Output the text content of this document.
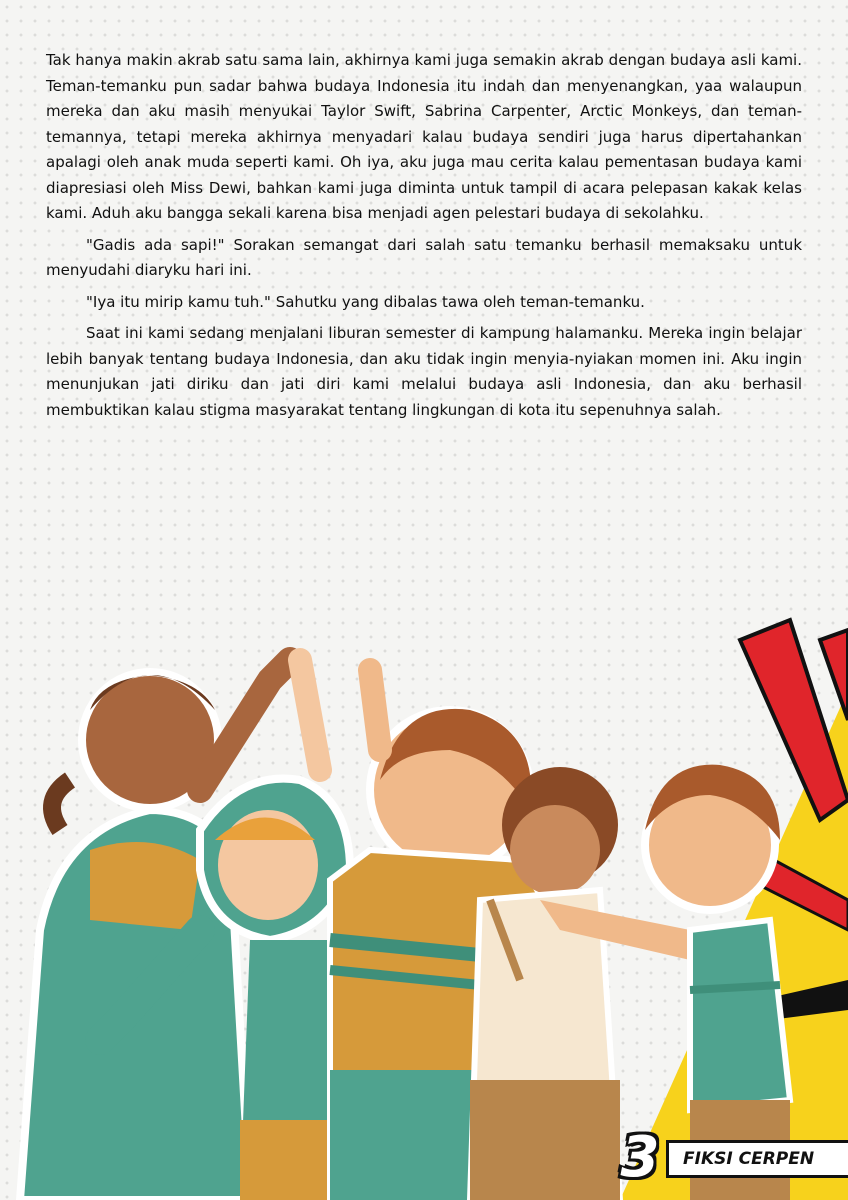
Tak hanya makin akrab satu sama lain, akhirnya kami juga semakin akrab dengan budaya asli kami. Teman-temanku pun sadar bahwa budaya Indonesia itu indah dan menyenangkan, yaa walaupun mereka dan aku masih menyukai Taylor Swift, Sabrina Carpenter, Arctic Monkeys, dan teman-temannya, tetapi mereka akhirnya menyadari kalau budaya sendiri juga harus dipertahankan apalagi oleh anak muda seperti kami. Oh iya, aku juga mau cerita kalau pementasan budaya kami diapresiasi oleh Miss Dewi, bahkan kami juga diminta untuk tampil di acara pelepasan kakak kelas kami. Aduh aku bangga sekali karena bisa menjadi agen pelestari budaya di sekolahku.

"Gadis ada sapi!" Sorakan semangat dari salah satu temanku berhasil memaksaku untuk menyudahi diaryku hari ini.

"Iya itu mirip kamu tuh." Sahutku yang dibalas tawa oleh teman-temanku.

Saat ini kami sedang menjalani liburan semester di kampung halamanku. Mereka ingin belajar lebih banyak tentang budaya Indonesia, dan aku tidak ingin menyia-nyiakan momen ini. Aku ingin menunjukan jati diriku dan jati diri kami melalui budaya asli Indonesia, dan aku berhasil membuktikan kalau stigma masyarakat tentang lingkungan di kota itu sepenuhnya salah.

3	FIKSI CERPEN
